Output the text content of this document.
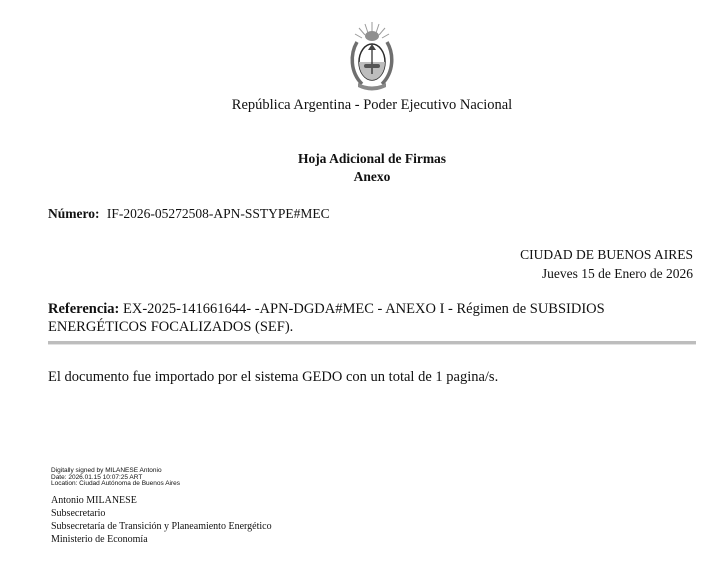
República Argentina - Poder Ejecutivo Nacional
Hoja Adicional de Firmas
Anexo
Número: IF-2026-05272508-APN-SSTYPE#MEC
CIUDAD DE BUENOS AIRES
Jueves 15 de Enero de 2026
Referencia: EX-2025-141661644- -APN-DGDA#MEC - ANEXO I - Régimen de SUBSIDIOS ENERGÉTICOS FOCALIZADOS (SEF).
El documento fue importado por el sistema GEDO con un total de 1 pagina/s.
Digitally signed by MILANESE Antonio
Date: 2026.01.15 10:07:25 ART
Location: Ciudad Autónoma de Buenos Aires
Antonio MILANESE
Subsecretario
Subsecretaría de Transición y Planeamiento Energético
Ministerio de Economía
